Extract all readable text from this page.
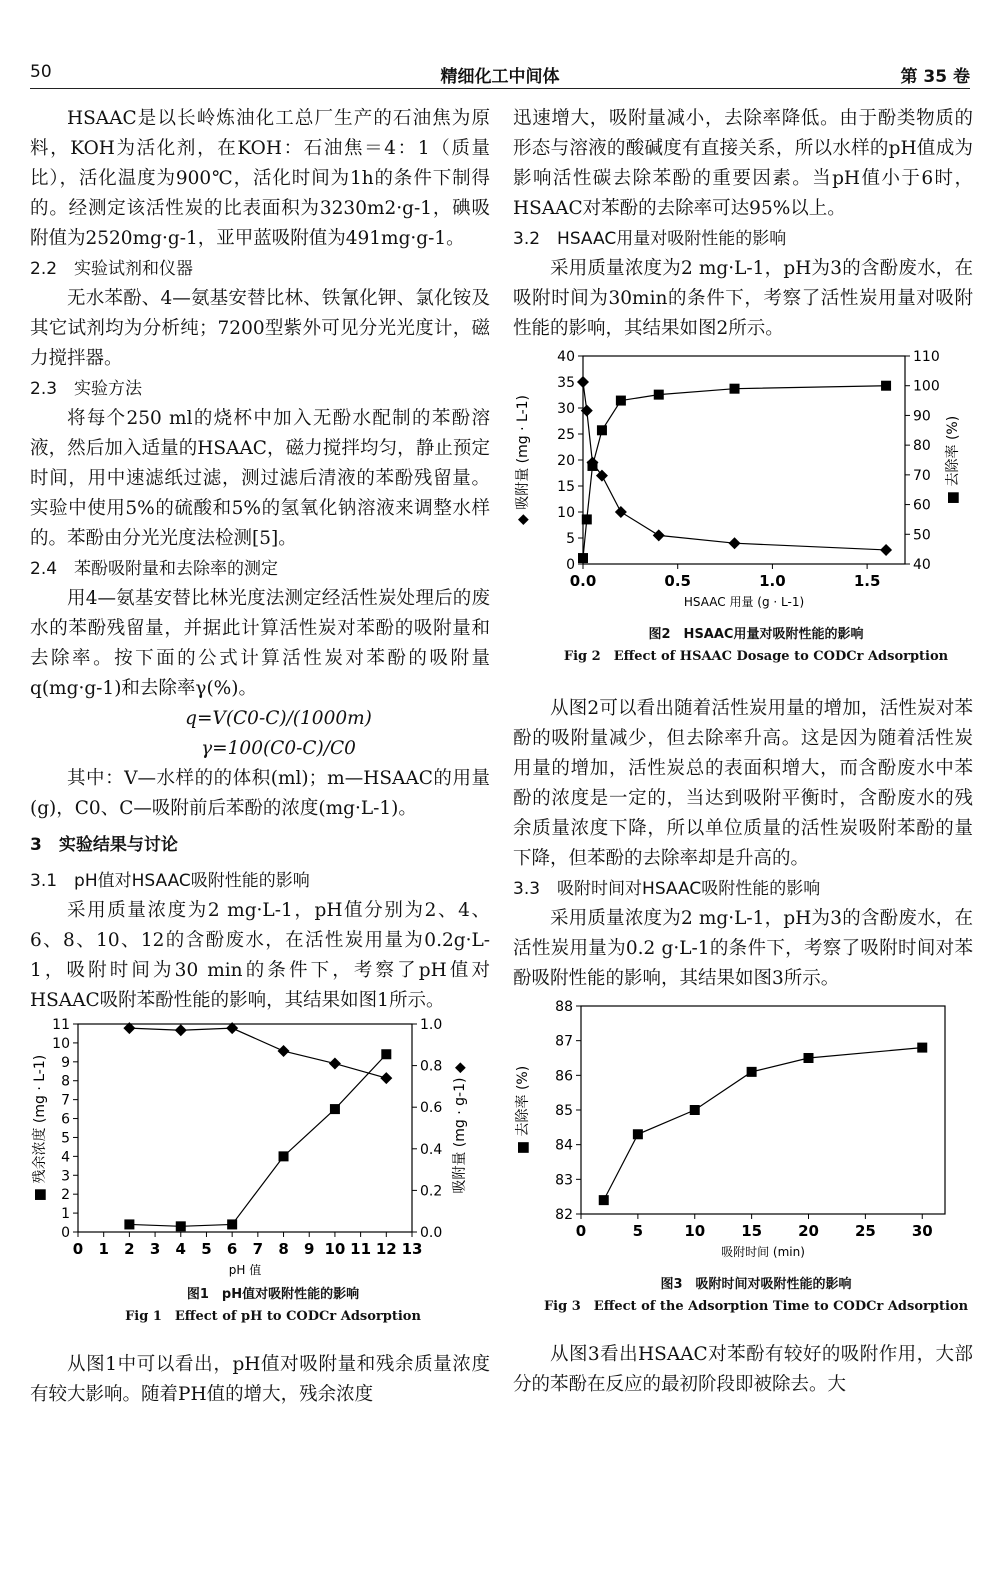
50	精细化工中间体	第 35 卷

HSAAC是以长岭炼油化工总厂生产的石油焦为原料，KOH为活化剂，在KOH：石油焦＝4：1（质量比），活化温度为900℃，活化时间为1h的条件下制得的。经测定该活性炭的比表面积为3230m2·g-1，碘吸附值为2520mg·g-1，亚甲蓝吸附值为491mg·g-1。

2.2　实验试剂和仪器

无水苯酚、4—氨基安替比林、铁氰化钾、氯化铵及其它试剂均为分析纯；7200型紫外可见分光光度计，磁力搅拌器。

2.3　实验方法

将每个250 ml的烧杯中加入无酚水配制的苯酚溶液，然后加入适量的HSAAC，磁力搅拌均匀，静止预定时间，用中速滤纸过滤，测过滤后清液的苯酚残留量。实验中使用5%的硫酸和5%的氢氧化钠溶液来调整水样的。苯酚由分光光度法检测[5]。

2.4　苯酚吸附量和去除率的测定

用4—氨基安替比林光度法测定经活性炭处理后的废水的苯酚残留量，并据此计算活性炭对苯酚的吸附量和去除率。按下面的公式计算活性炭对苯酚的吸附量q(mg·g-1)和去除率γ(%)。

q=V(C0-C)/(1000m)

γ=100(C0-C)/C0

其中：V—水样的的体积(ml)；m—HSAAC的用量(g)，C0、C—吸附前后苯酚的浓度(mg·L-1)。

3　实验结果与讨论
3.1　pH值对HSAAC吸附性能的影响

采用质量浓度为2 mg·L-1，pH值分别为2、4、6、8、10、12的含酚废水，在活性炭用量为0.2g·L-1，吸附时间为30 min的条件下，考察了pH值对HSAAC吸附苯酚性能的影响，其结果如图1所示。

0 1 2 3 4 5 6 7 8 9 10 11 12 13
0
1
2
3
4
5
6
7
8
9
10
11
0.0
0.2
0.4
0.6
0.8
1.0
pH 值
■ 残余浓度 (mg · L-1)	吸附量 (mg · g-1) ◆

图1　pH值对吸附性能的影响

Fig 1　Effect of pH to CODCr Adsorption

从图1中可以看出，pH值对吸附量和残余质量浓度有较大影响。随着PH值的增大，残余浓度

迅速增大，吸附量减小，去除率降低。由于酚类物质的形态与溶液的酸碱度有直接关系，所以水样的pH值成为影响活性碳去除苯酚的重要因素。当pH值小于6时，HSAAC对苯酚的去除率可达95%以上。

3.2　HSAAC用量对吸附性能的影响

采用质量浓度为2 mg·L-1，pH为3的含酚废水，在吸附时间为30min的条件下，考察了活性炭用量对吸附性能的影响，其结果如图2所示。

0.0	0.5	1.0	1.5
0
5
10
15
20
25
30
35
40
40
50
60
70
80
90
100
110
HSAAC 用量 (g · L-1)
◆ 吸附量 (mg · L-1)	■ 去除率 (%)

图2　HSAAC用量对吸附性能的影响

Fig 2　Effect of HSAAC Dosage to CODCr Adsorption

从图2可以看出随着活性炭用量的增加，活性炭对苯酚的吸附量减少，但去除率升高。这是因为随着活性炭用量的增加，活性炭总的表面积增大，而含酚废水中苯酚的浓度是一定的，当达到吸附平衡时，含酚废水的残余质量浓度下降，所以单位质量的活性炭吸附苯酚的量下降，但苯酚的去除率却是升高的。

3.3　吸附时间对HSAAC吸附性能的影响

采用质量浓度为2 mg·L-1，pH为3的含酚废水，在活性炭用量为0.2 g·L-1的条件下，考察了吸附时间对苯酚吸附性能的影响，其结果如图3所示。

0	5	10 15 20 25 30
82
83
84
85
86
87
88
吸附时间 (min)
■ 去除率 (%)

图3　吸附时间对吸附性能的影响

Fig 3　Effect of the Adsorption Time to CODCr Adsorption

从图3看出HSAAC对苯酚有较好的吸附作用，大部分的苯酚在反应的最初阶段即被除去。大
